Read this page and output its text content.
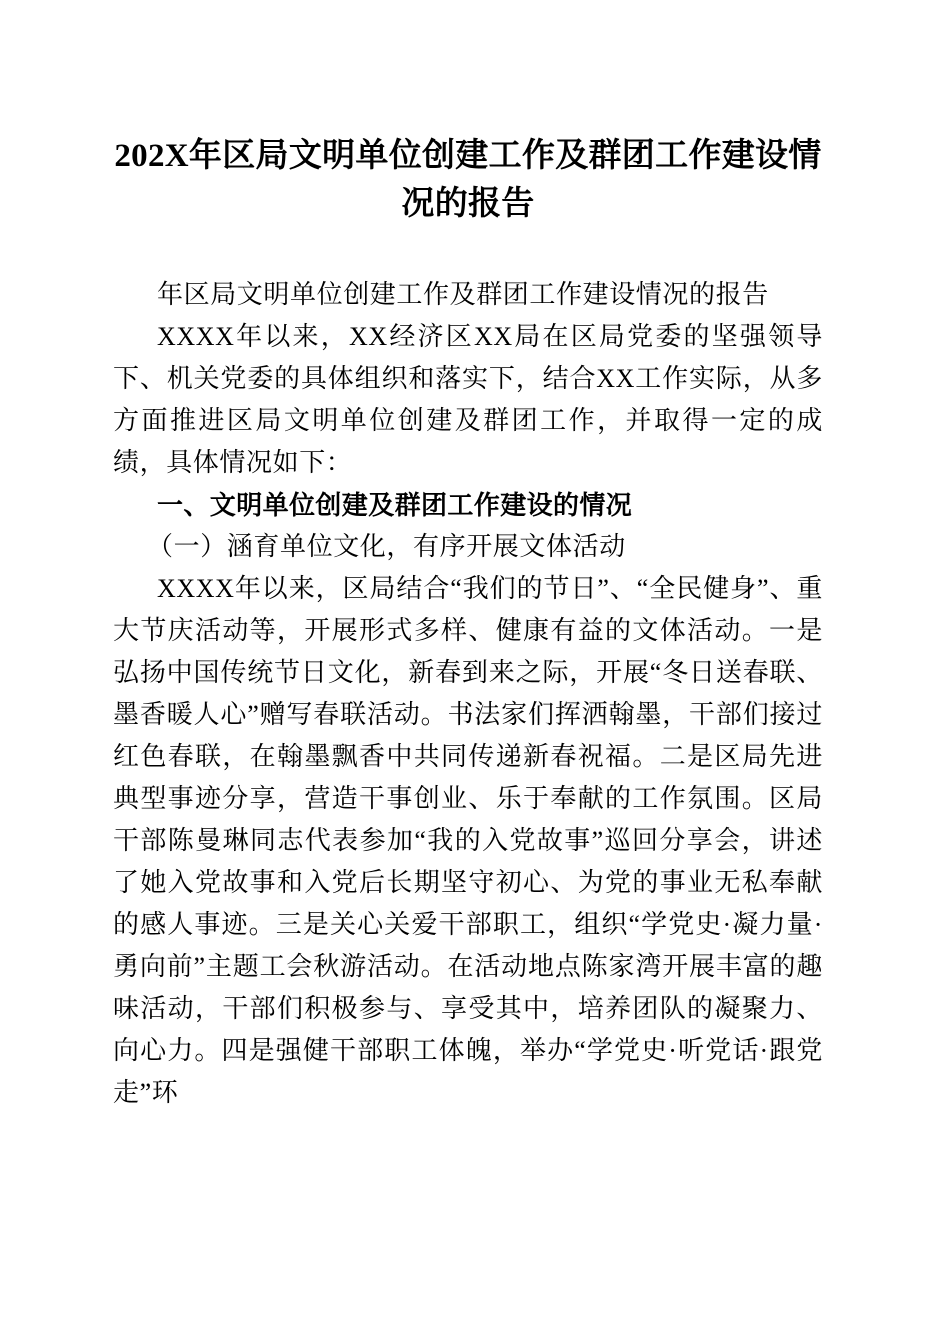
202X年区局文明单位创建工作及群团工作建设情况的报告

年区局文明单位创建工作及群团工作建设情况的报告

XXXX年以来，XX经济区XX局在区局党委的坚强领导下、机关党委的具体组织和落实下，结合XX工作实际，从多方面推进区局文明单位创建及群团工作，并取得一定的成绩，具体情况如下：

一、文明单位创建及群团工作建设的情况

（一）涵育单位文化，有序开展文体活动

XXXX年以来，区局结合“我们的节日”、“全民健身”、重大节庆活动等，开展形式多样、健康有益的文体活动。一是弘扬中国传统节日文化，新春到来之际，开展“冬日送春联、墨香暖人心”赠写春联活动。书法家们挥洒翰墨，干部们接过红色春联，在翰墨飘香中共同传递新春祝福。二是区局先进典型事迹分享，营造干事创业、乐于奉献的工作氛围。区局干部陈曼琳同志代表参加“我的入党故事”巡回分享会，讲述了她入党故事和入党后长期坚守初心、为党的事业无私奉献的感人事迹。三是关心关爱干部职工，组织“学党史·凝力量·勇向前”主题工会秋游活动。在活动地点陈家湾开展丰富的趣味活动，干部们积极参与、享受其中，培养团队的凝聚力、向心力。四是强健干部职工体魄，举办“学党史·听党话·跟党走”环
